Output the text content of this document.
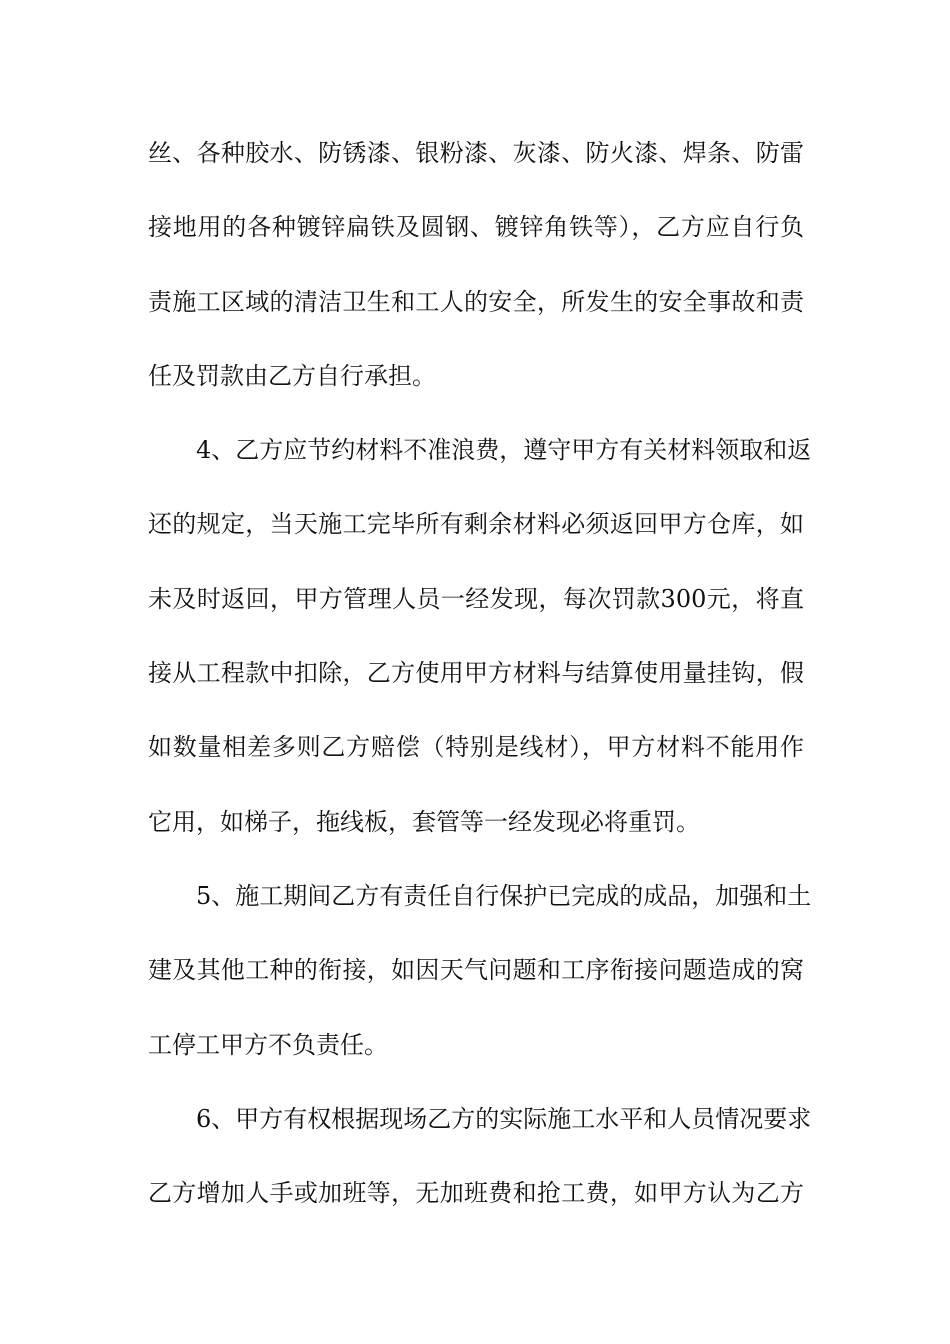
丝、各种胶水、防锈漆、银粉漆、灰漆、防火漆、焊条、防雷
接地用的各种镀锌扁铁及圆钢、镀锌角铁等），乙方应自行负
责施工区域的清洁卫生和工人的安全，所发生的安全事故和责
任及罚款由乙方自行承担。
4、乙方应节约材料不准浪费，遵守甲方有关材料领取和返
还的规定，当天施工完毕所有剩余材料必须返回甲方仓库，如
未及时返回，甲方管理人员一经发现，每次罚款300元，将直
接从工程款中扣除，乙方使用甲方材料与结算使用量挂钩，假
如数量相差多则乙方赔偿（特别是线材），甲方材料不能用作
它用，如梯子，拖线板，套管等一经发现必将重罚。
5、施工期间乙方有责任自行保护已完成的成品，加强和土
建及其他工种的衔接，如因天气问题和工序衔接问题造成的窝
工停工甲方不负责任。
6、甲方有权根据现场乙方的实际施工水平和人员情况要求
乙方增加人手或加班等，无加班费和抢工费，如甲方认为乙方
